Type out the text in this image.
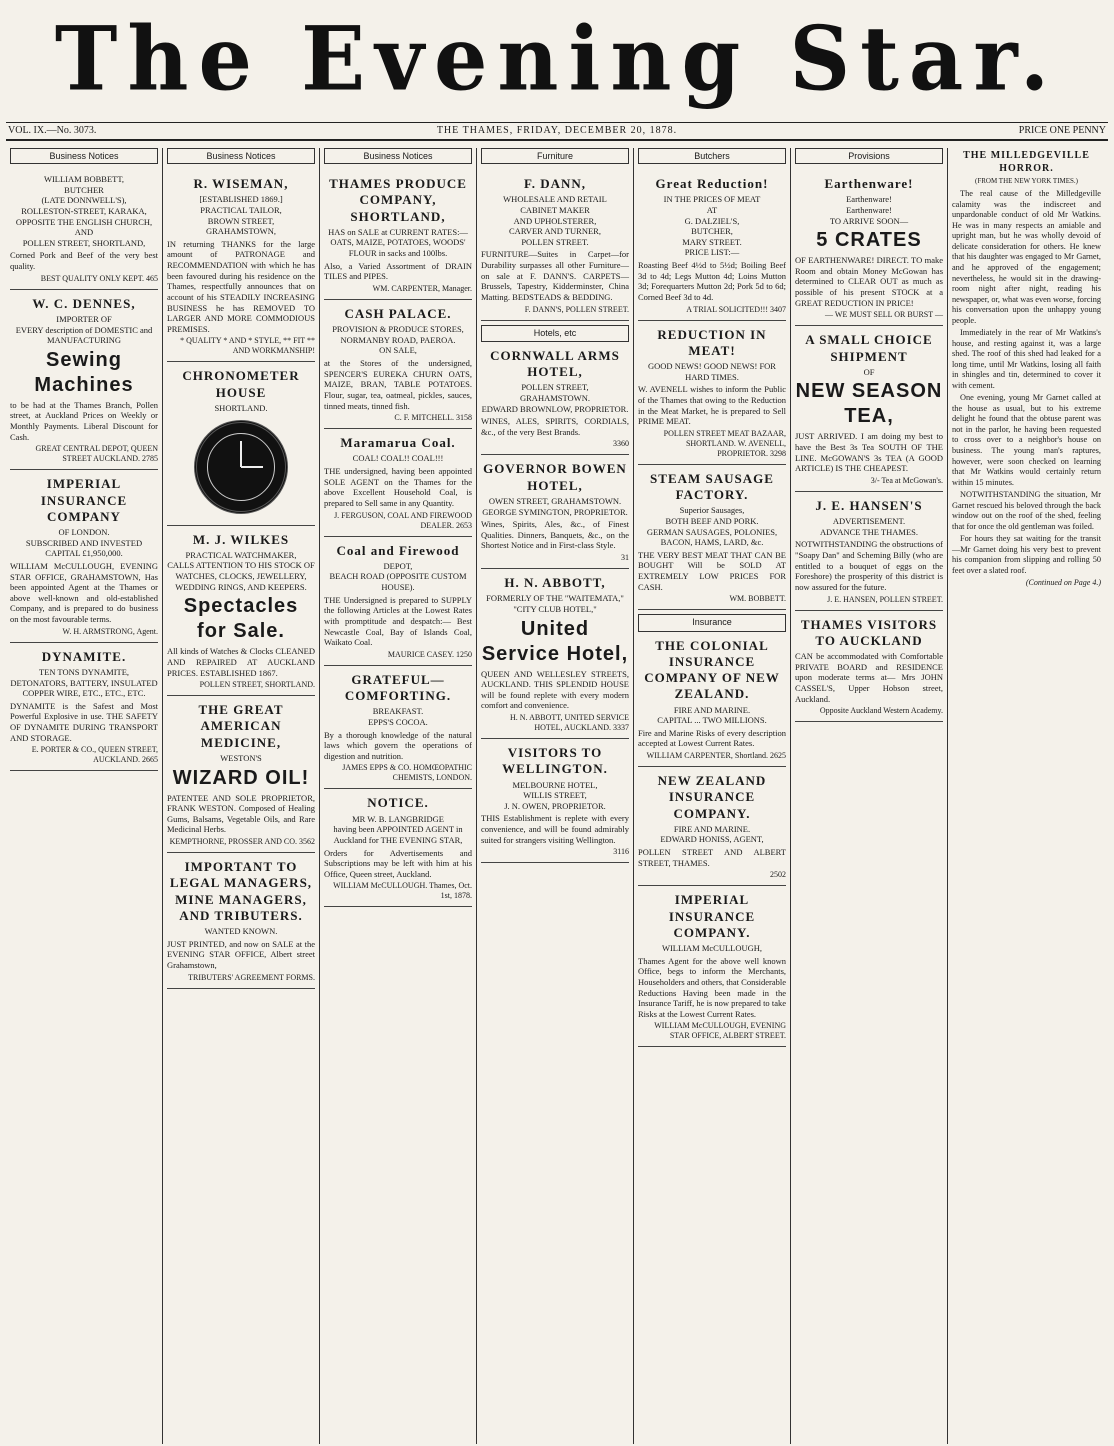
The Evening Star.
VOL. IX.—No. 3073.	THE THAMES, FRIDAY, DECEMBER 20, 1878.	PRICE ONE PENNY
Business Notices
WILLIAM BOBBETT,
BUTCHER
(LATE DONNWELL'S),
ROLLESTON-STREET, KARAKA,
OPPOSITE THE ENGLISH CHURCH,
AND
POLLEN STREET, SHORTLAND,

Corned Pork and Beef of the very best quality.

BEST QUALITY ONLY KEPT. 465
W. C. DENNES,
IMPORTER OF
EVERY description of DOMESTIC and MANUFACTURING
Sewing Machines

to be had at the Thames Branch, Pollen street, at Auckland Prices on Weekly or Monthly Payments. Liberal Discount for Cash.

GREAT CENTRAL DEPOT, QUEEN STREET AUCKLAND. 2785
IMPERIAL INSURANCE COMPANY
OF LONDON.
SUBSCRIBED AND INVESTED
CAPITAL £1,950,000.

WILLIAM McCULLOUGH, EVENING STAR OFFICE, GRAHAMSTOWN, Has been appointed Agent at the Thames or above well-known and old-established Company, and is prepared to do business on the most favourable terms.

W. H. ARMSTRONG, Agent.
DYNAMITE.
TEN TONS DYNAMITE, DETONATORS, BATTERY, INSULATED COPPER WIRE, ETC., ETC., ETC.

DYNAMITE is the Safest and Most Powerful Explosive in use. THE SAFETY OF DYNAMITE DURING TRANSPORT AND STORAGE.

E. PORTER & CO., QUEEN STREET, AUCKLAND. 2665
Business Notices
R. WISEMAN,
[ESTABLISHED 1869.]
PRACTICAL TAILOR,
BROWN STREET,
GRAHAMSTOWN,

IN returning THANKS for the large amount of PATRONAGE and RECOMMENDATION with which he has been favoured during his residence on the Thames, respectfully announces that on account of his STEADILY INCREASING BUSINESS he has REMOVED TO LARGER AND MORE COMMODIOUS PREMISES.

* QUALITY * AND * STYLE, ** FIT ** AND WORKMANSHIP!
CHRONOMETER HOUSE
SHORTLAND.
M. J. WILKES
PRACTICAL WATCHMAKER,
CALLS ATTENTION TO HIS STOCK OF WATCHES, CLOCKS, JEWELLERY, WEDDING RINGS, AND KEEPERS.
Spectacles for Sale.

All kinds of Watches & Clocks CLEANED AND REPAIRED AT AUCKLAND PRICES. ESTABLISHED 1867.

POLLEN STREET, SHORTLAND.
THE GREAT AMERICAN MEDICINE,
WESTON'S
WIZARD OIL!

PATENTEE AND SOLE PROPRIETOR, FRANK WESTON. Composed of Healing Gums, Balsams, Vegetable Oils, and Rare Medicinal Herbs.

KEMPTHORNE, PROSSER AND CO. 3562
IMPORTANT TO LEGAL MANAGERS, MINE MANAGERS, AND TRIBUTERS.
WANTED KNOWN.

JUST PRINTED, and now on SALE at the EVENING STAR OFFICE, Albert street Grahamstown,

TRIBUTERS' AGREEMENT FORMS.
Business Notices
THAMES PRODUCE COMPANY, SHORTLAND,
HAS on SALE at CURRENT RATES:—
OATS, MAIZE, POTATOES, WOODS' FLOUR in sacks and 100lbs.

Also, a Varied Assortment of DRAIN TILES and PIPES.

WM. CARPENTER, Manager.
CASH PALACE.
PROVISION & PRODUCE STORES,
NORMANBY ROAD, PAEROA.
ON SALE,

at the Stores of the undersigned, SPENCER'S EUREKA CHURN OATS, MAIZE, BRAN, TABLE POTATOES. Flour, sugar, tea, oatmeal, pickles, sauces, tinned meats, tinned fish.

C. F. MITCHELL. 3158
Maramarua Coal.
COAL! COAL!! COAL!!!

THE undersigned, having been appointed SOLE AGENT on the Thames for the above Excellent Household Coal, is prepared to Sell same in any Quantity.

J. FERGUSON, COAL AND FIREWOOD DEALER. 2653
Coal and Firewood
DEPOT,
BEACH ROAD (OPPOSITE CUSTOM HOUSE).

THE Undersigned is prepared to SUPPLY the following Articles at the Lowest Rates with promptitude and despatch:— Best Newcastle Coal, Bay of Islands Coal, Waikato Coal.

MAURICE CASEY. 1250
GRATEFUL—COMFORTING.
BREAKFAST.
EPPS'S COCOA.

By a thorough knowledge of the natural laws which govern the operations of digestion and nutrition.

JAMES EPPS & CO. HOMŒOPATHIC CHEMISTS, LONDON.
NOTICE.
MR W. B. LANGBRIDGE
having been APPOINTED AGENT in Auckland for THE EVENING STAR,

Orders for Advertisements and Subscriptions may be left with him at his Office, Queen street, Auckland.

WILLIAM McCULLOUGH. Thames, Oct. 1st, 1878.
Furniture
F. DANN,
WHOLESALE AND RETAIL
CABINET MAKER
AND UPHOLSTERER,
CARVER AND TURNER,
POLLEN STREET.

FURNITURE—Suites in Carpet—for Durability surpasses all other Furniture—on sale at F. DANN'S. CARPETS—Brussels, Tapestry, Kidderminster, China Matting. BEDSTEADS & BEDDING.

F. DANN'S, POLLEN STREET.
Hotels, etc
CORNWALL ARMS HOTEL,
POLLEN STREET,
GRAHAMSTOWN.
EDWARD BROWNLOW, PROPRIETOR.

WINES, ALES, SPIRITS, CORDIALS, &c., of the very Best Brands.

3360
GOVERNOR BOWEN HOTEL,
OWEN STREET, GRAHAMSTOWN.
GEORGE SYMINGTON, PROPRIETOR.

Wines, Spirits, Ales, &c., of Finest Qualities. Dinners, Banquets, &c., on the Shortest Notice and in First-class Style.

31
H. N. ABBOTT,
FORMERLY OF THE "WAITEMATA,"
"CITY CLUB HOTEL,"
United Service Hotel,

QUEEN AND WELLESLEY STREETS, AUCKLAND. THIS SPLENDID HOUSE will be found replete with every modern comfort and convenience.

H. N. ABBOTT, UNITED SERVICE HOTEL, AUCKLAND. 3337
VISITORS TO WELLINGTON.
MELBOURNE HOTEL,
WILLIS STREET,
J. N. OWEN, PROPRIETOR.

THIS Establishment is replete with every convenience, and will be found admirably suited for strangers visiting Wellington.

3116
Butchers
Great Reduction!
IN THE PRICES OF MEAT
AT
G. DALZIEL'S,
BUTCHER,
MARY STREET.
PRICE LIST:—

Roasting Beef 4½d to 5½d; Boiling Beef 3d to 4d; Legs Mutton 4d; Loins Mutton 3d; Forequarters Mutton 2d; Pork 5d to 6d; Corned Beef 3d to 4d.

A TRIAL SOLICITED!!! 3407
REDUCTION IN MEAT!
GOOD NEWS! GOOD NEWS! FOR HARD TIMES.

W. AVENELL wishes to inform the Public of the Thames that owing to the Reduction in the Meat Market, he is prepared to Sell PRIME MEAT.

POLLEN STREET MEAT BAZAAR, SHORTLAND. W. AVENELL, PROPRIETOR. 3298
STEAM SAUSAGE FACTORY.
Superior Sausages,
BOTH BEEF AND PORK.
GERMAN SAUSAGES, POLONIES, BACON, HAMS, LARD, &c.

THE VERY BEST MEAT THAT CAN BE BOUGHT Will be SOLD AT EXTREMELY LOW PRICES FOR CASH.

WM. BOBBETT.
Insurance
THE COLONIAL INSURANCE COMPANY OF NEW ZEALAND.
FIRE AND MARINE.
CAPITAL ... TWO MILLIONS.

Fire and Marine Risks of every description accepted at Lowest Current Rates.

WILLIAM CARPENTER, Shortland. 2625
NEW ZEALAND INSURANCE COMPANY.
FIRE AND MARINE.
EDWARD HONISS, AGENT,

POLLEN STREET AND ALBERT STREET, THAMES.

2502
IMPERIAL INSURANCE COMPANY.
WILLIAM McCULLOUGH,

Thames Agent for the above well known Office, begs to inform the Merchants, Householders and others, that Considerable Reductions Having been made in the Insurance Tariff, he is now prepared to take Risks at the Lowest Current Rates.

WILLIAM McCULLOUGH, EVENING STAR OFFICE, ALBERT STREET.
Provisions
Earthenware!
Earthenware!
Earthenware!
TO ARRIVE SOON—
5 CRATES

OF EARTHENWARE! DIRECT. TO make Room and obtain Money McGowan has determined to CLEAR OUT as much as possible of his present STOCK at a GREAT REDUCTION IN PRICE!

— WE MUST SELL OR BURST —
A SMALL CHOICE SHIPMENT
OF
NEW SEASON TEA,

JUST ARRIVED. I am doing my best to have the Best 3s Tea SOUTH OF THE LINE. McGOWAN'S 3s TEA (A GOOD ARTICLE) IS THE CHEAPEST.

3/- Tea at McGowan's.
J. E. HANSEN'S
ADVERTISEMENT.
ADVANCE THE THAMES.

NOTWITHSTANDING the obstructions of "Soapy Dan" and Scheming Billy (who are entitled to a bouquet of eggs on the Foreshore) the prosperity of this district is now assured for the future.

J. E. HANSEN, POLLEN STREET.
THAMES VISITORS TO AUCKLAND

CAN be accommodated with Comfortable PRIVATE BOARD and RESIDENCE upon moderate terms at— Mrs JOHN CASSEL'S, Upper Hobson street, Auckland.

Opposite Auckland Western Academy.
THE MILLEDGEVILLE HORROR.
(FROM THE NEW YORK TIMES.)

The real cause of the Milledgeville calamity was the indiscreet and unpardonable conduct of old Mr Watkins. He was in many respects an amiable and upright man, but he was wholly devoid of delicate consideration for others. He knew that his daughter was engaged to Mr Garnet, and he approved of the engagement; nevertheless, he would sit in the drawing-room night after night, reading his newspaper, or, what was even worse, forcing his conversation upon the unhappy young people.

Immediately in the rear of Mr Watkins's house, and resting against it, was a large shed. The roof of this shed had leaked for a long time, until Mr Watkins, losing all faith in shingles and tin, determined to cover it with cement.

One evening, young Mr Garnet called at the house as usual, but to his extreme delight he found that the obtuse parent was not in the parlor, he having been requested to cross over to a neighbor's house on business. The young man's raptures, however, were soon checked on learning that Mr Watkins would certainly return within 15 minutes.

NOTWITHSTANDING the situation, Mr Garnet rescued his beloved through the back window out on the roof of the shed, feeling that for once the old gentleman was foiled.

For hours they sat waiting for the transit—Mr Garnet doing his very best to prevent his companion from slipping and rolling 50 feet over a slated roof.

(Continued on Page 4.)
